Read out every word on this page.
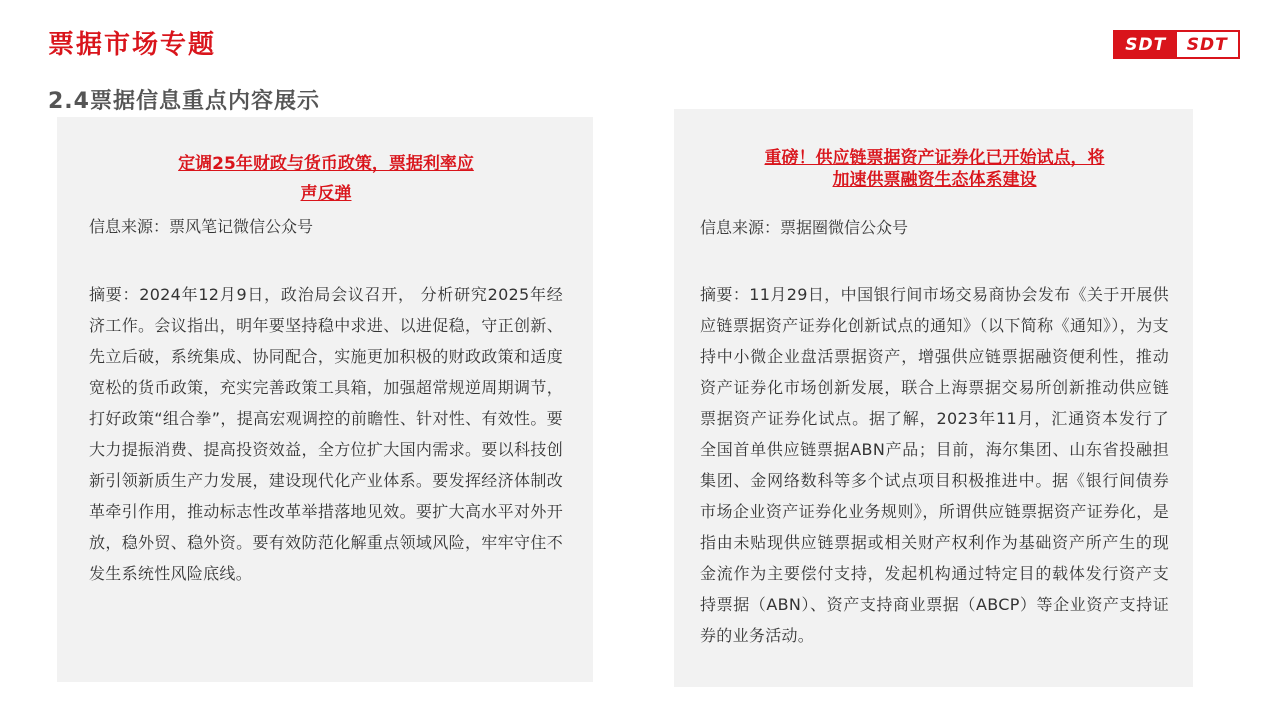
票据市场专题
2.4票据信息重点内容展示
SDT	SDT
定调25年财政与货币政策，票据利率应
声反弹
信息来源：票风笔记微信公众号
摘要：2024年12月9日，政治局会议召开， 分析研究2025年经济工作。会议指出，明年要坚持稳中求进、以进促稳，守正创新、先立后破，系统集成、协同配合，实施更加积极的财政政策和适度宽松的货币政策，充实完善政策工具箱，加强超常规逆周期调节，打好政策“组合拳”，提高宏观调控的前瞻性、针对性、有效性。要大力提振消费、提高投资效益，全方位扩大国内需求。要以科技创新引领新质生产力发展，建设现代化产业体系。要发挥经济体制改革牵引作用，推动标志性改革举措落地见效。要扩大高水平对外开放，稳外贸、稳外资。要有效防范化解重点领域风险，牢牢守住不发生系统性风险底线。
重磅！供应链票据资产证券化已开始试点，将
加速供票融资生态体系建设
信息来源：票据圈微信公众号
摘要：11月29日，中国银行间市场交易商协会发布《关于开展供应链票据资产证券化创新试点的通知》（以下简称《通知》），为支持中小微企业盘活票据资产，增强供应链票据融资便利性，推动资产证券化市场创新发展，联合上海票据交易所创新推动供应链票据资产证券化试点。据了解，2023年11月，汇通资本发行了全国首单供应链票据ABN产品；目前，海尔集团、山东省投融担集团、金网络数科等多个试点项目积极推进中。据《银行间债券市场企业资产证券化业务规则》，所谓供应链票据资产证券化，是指由未贴现供应链票据或相关财产权利作为基础资产所产生的现金流作为主要偿付支持，发起机构通过特定目的载体发行资产支持票据（ABN）、资产支持商业票据（ABCP）等企业资产支持证券的业务活动。
